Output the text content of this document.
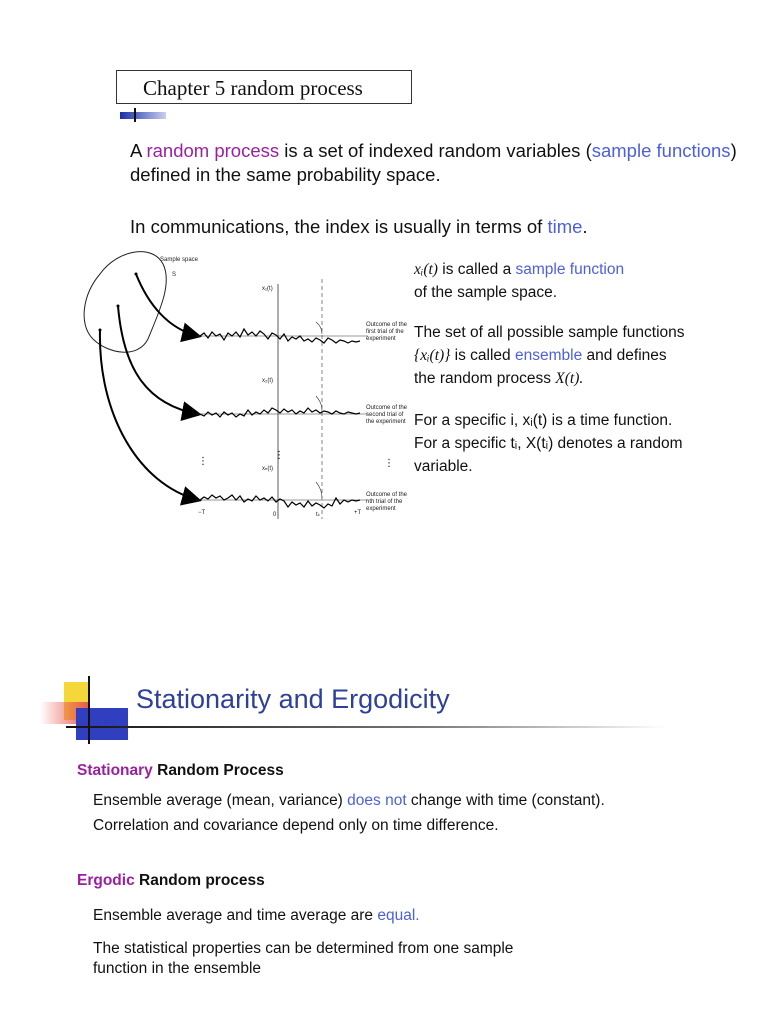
Chapter 5 random process
A random process is a set of indexed random variables (sample functions)
defined in the same probability space.
In communications, the index is usually in terms of time.
⋮
⋮
⋮
Sample space
S
x₁(t)
x₂(t)
xₙ(t)
Outcome of the first trial of the experiment
Outcome of the second trial of the experiment
Outcome of the nth trial of the experiment
−T	+T
0	tₖ
xᵢ(t) is called a sample function
of the sample space.
The set of all possible sample functions
{xᵢ(t)} is called ensemble and defines
the random process X(t).
For a specific i, xᵢ(t) is a time function.
For a specific tᵢ, X(tᵢ) denotes a random
variable.
Stationarity and Ergodicity
Stationary Random Process
Ensemble average (mean, variance) does not change with time (constant).
Correlation and covariance depend only on time difference.
Ergodic Random process
Ensemble average and time average are equal.
The statistical properties can be determined from one sample
function in the ensemble
